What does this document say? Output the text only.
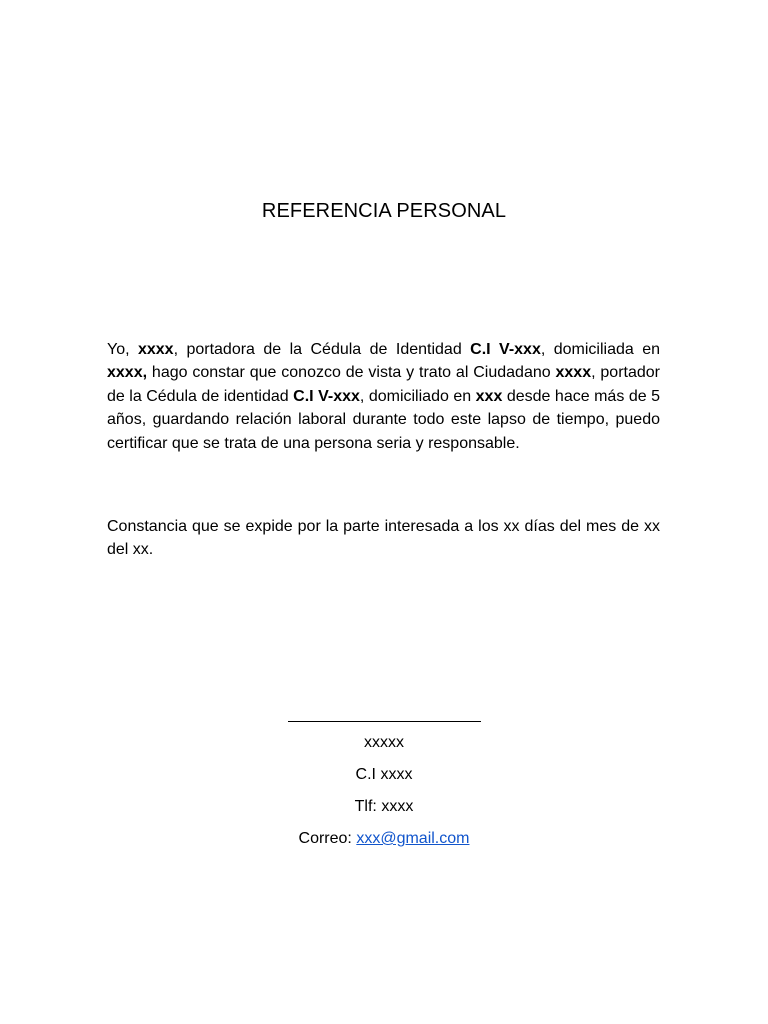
REFERENCIA PERSONAL

Yo, xxxx, portadora de la Cédula de Identidad C.I V-xxx, domiciliada en xxxx, hago constar que conozco de vista y trato al Ciudadano xxxx, portador de la Cédula de identidad C.I V-xxx, domiciliado en xxx desde hace más de 5 años, guardando relación laboral durante todo este lapso de tiempo, puedo certificar que se trata de una persona seria y responsable.

Constancia que se expide por la parte interesada a los xx días del mes de xx del xx.

xxxxx

C.I xxxx

Tlf: xxxx

Correo: xxx@gmail.com
